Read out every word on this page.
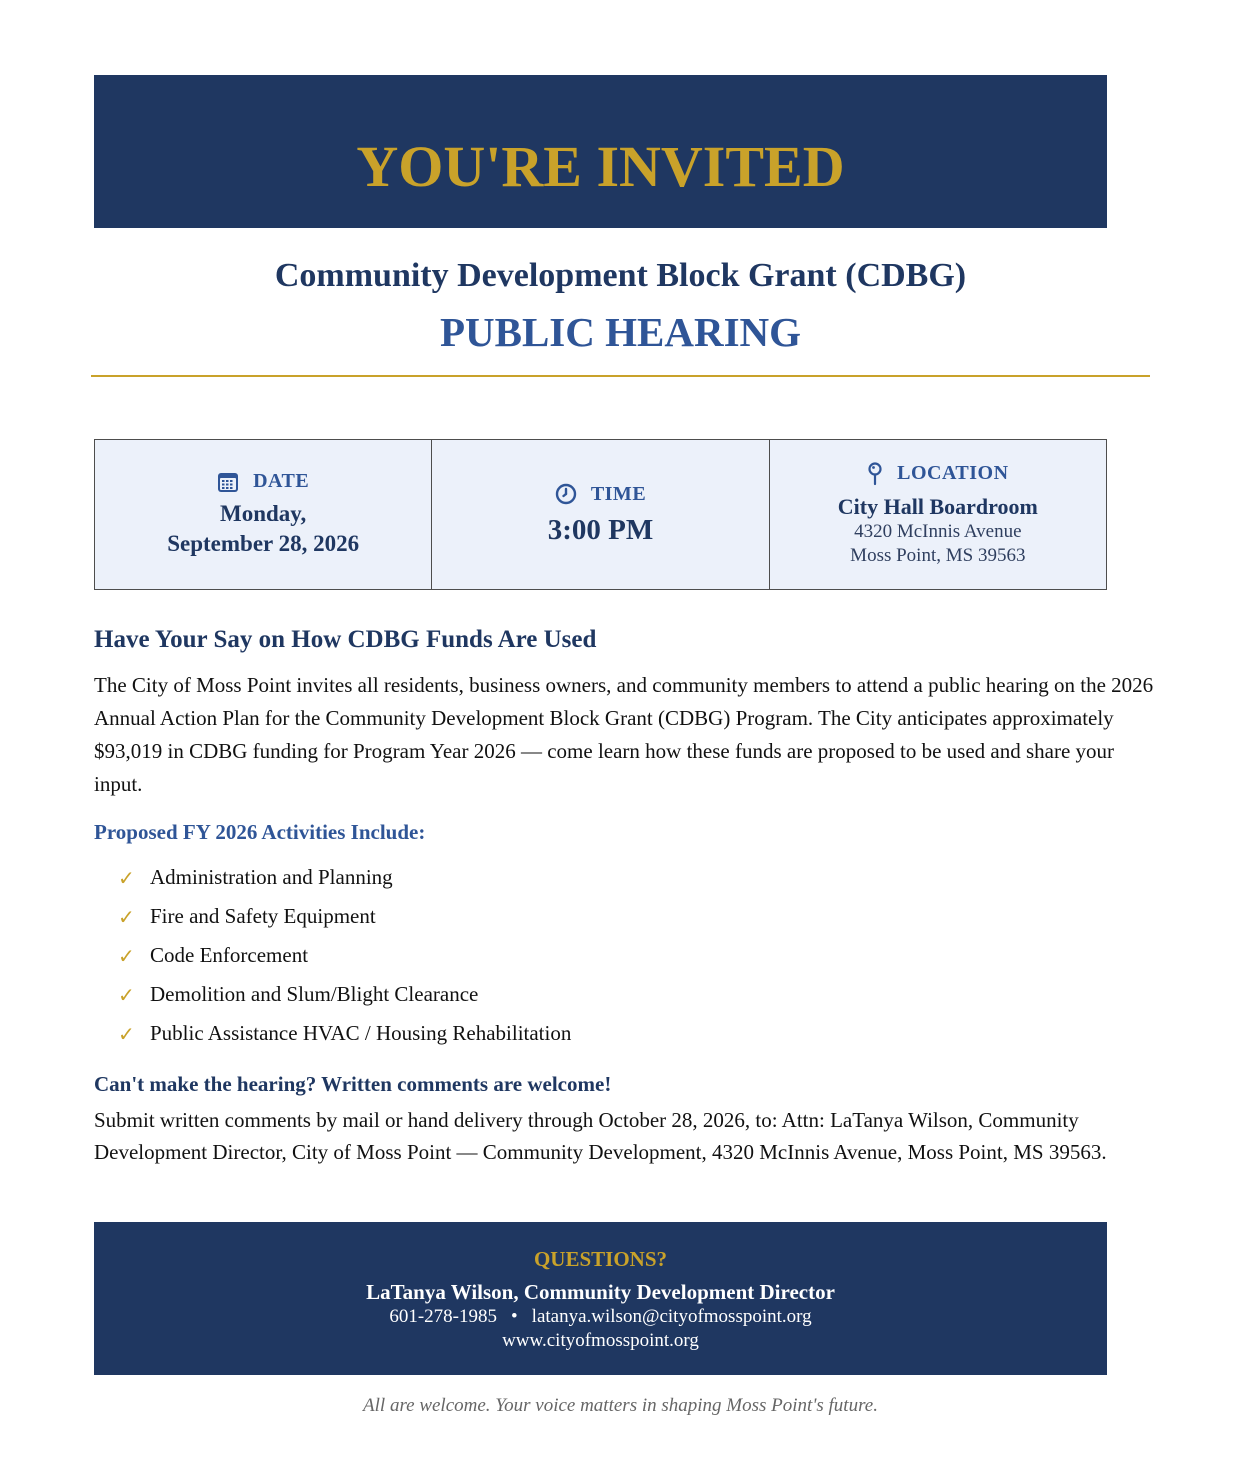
CITY OF MOSS POINT, MISSISSIPPI
YOU'RE INVITED
Community Development Block Grant (CDBG)
PUBLIC HEARING
DATE
Monday,
September 28, 2026
TIME
3:00 PM
LOCATION
City Hall Boardroom
4320 McInnis Avenue
Moss Point, MS 39563
Have Your Say on How CDBG Funds Are Used
The City of Moss Point invites all residents, business owners, and community members to attend a public hearing on the 2026 Annual Action Plan for the Community Development Block Grant (CDBG) Program. The City anticipates approximately $93,019 in CDBG funding for Program Year 2026 — come learn how these funds are proposed to be used and share your input.
Proposed FY 2026 Activities Include:
✓ Administration and Planning
✓ Fire and Safety Equipment
✓ Code Enforcement
✓ Demolition and Slum/Blight Clearance
✓ Public Assistance HVAC / Housing Rehabilitation
Can't make the hearing? Written comments are welcome!
Submit written comments by mail or hand delivery through October 28, 2026, to: Attn: LaTanya Wilson, Community Development Director, City of Moss Point — Community Development, 4320 McInnis Avenue, Moss Point, MS 39563.
QUESTIONS?
LaTanya Wilson, Community Development Director
601-278-1985 • latanya.wilson@cityofmosspoint.org
www.cityofmosspoint.org
All are welcome. Your voice matters in shaping Moss Point's future.
